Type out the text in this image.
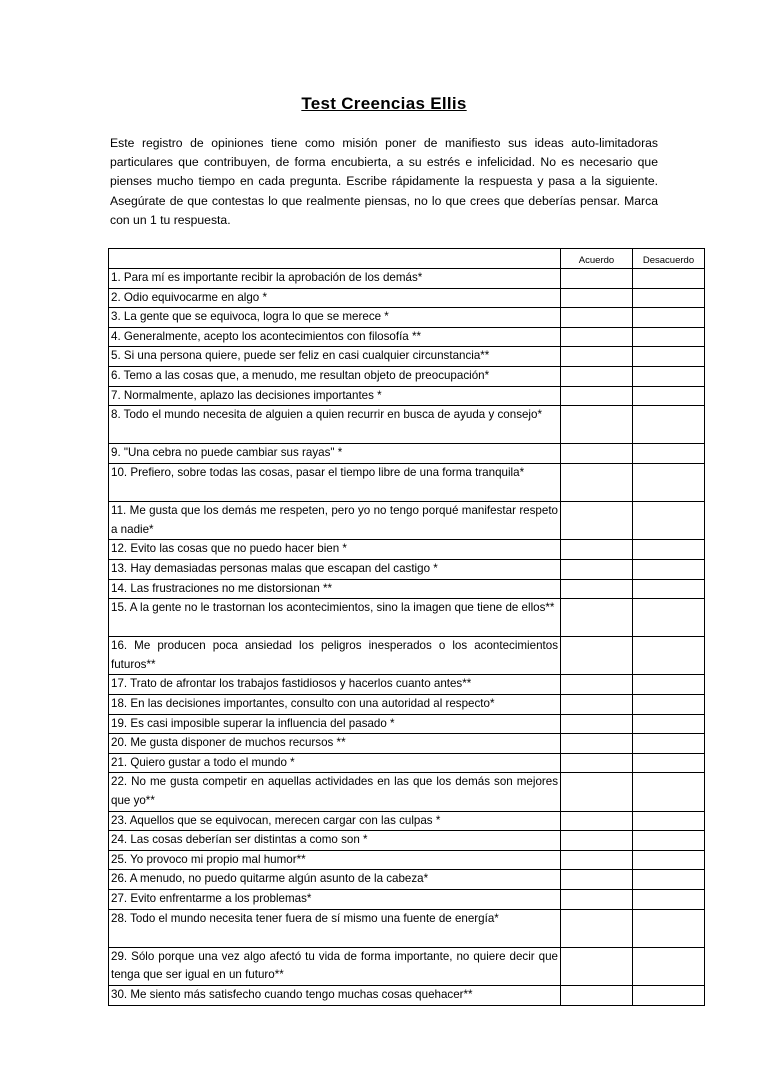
Test Creencias Ellis
Este registro de opiniones tiene como misión poner de manifiesto sus ideas auto-limitadoras particulares que contribuyen, de forma encubierta, a su estrés e infelicidad. No es necesario que pienses mucho tiempo en cada pregunta. Escribe rápidamente la respuesta y pasa a la siguiente. Asegúrate de que contestas lo que realmente piensas, no lo que crees que deberías pensar. Marca con un 1 tu respuesta.
	Acuerdo	Desacuerdo
1. Para mí es importante recibir la aprobación de los demás*		
2. Odio equivocarme en algo *		
3. La gente que se equivoca, logra lo que se merece *		
4. Generalmente, acepto los acontecimientos con filosofía **		
5. Si una persona quiere, puede ser feliz en casi cualquier circunstancia**		
6. Temo a las cosas que, a menudo, me resultan objeto de preocupación*		
7. Normalmente, aplazo las decisiones importantes *		
8. Todo el mundo necesita de alguien a quien recurrir en busca de ayuda y consejo*		
9. "Una cebra no puede cambiar sus rayas" *		
10. Prefiero, sobre todas las cosas, pasar el tiempo libre de una forma tranquila*		
11. Me gusta que los demás me respeten, pero yo no tengo porqué manifestar respeto a nadie*		
12. Evito las cosas que no puedo hacer bien *		
13. Hay demasiadas personas malas que escapan del castigo *		
14. Las frustraciones no me distorsionan **		
15. A la gente no le trastornan los acontecimientos, sino la imagen que tiene de ellos**		
16. Me producen poca ansiedad los peligros inesperados o los acontecimientos futuros**		
17. Trato de afrontar los trabajos fastidiosos y hacerlos cuanto antes**		
18. En las decisiones importantes, consulto con una autoridad al respecto*		
19. Es casi imposible superar la influencia del pasado *		
20. Me gusta disponer de muchos recursos **		
21. Quiero gustar a todo el mundo *		
22. No me gusta competir en aquellas actividades en las que los demás son mejores que yo**		
23. Aquellos que se equivocan, merecen cargar con las culpas *		
24. Las cosas deberían ser distintas a como son *		
25. Yo provoco mi propio mal humor**		
26. A menudo, no puedo quitarme algún asunto de la cabeza*		
27. Evito enfrentarme a los problemas*		
28. Todo el mundo necesita tener fuera de sí mismo una fuente de energía*		
29. Sólo porque una vez algo afectó tu vida de forma importante, no quiere decir que tenga que ser igual en un futuro**		
30. Me siento más satisfecho cuando tengo muchas cosas quehacer**		
